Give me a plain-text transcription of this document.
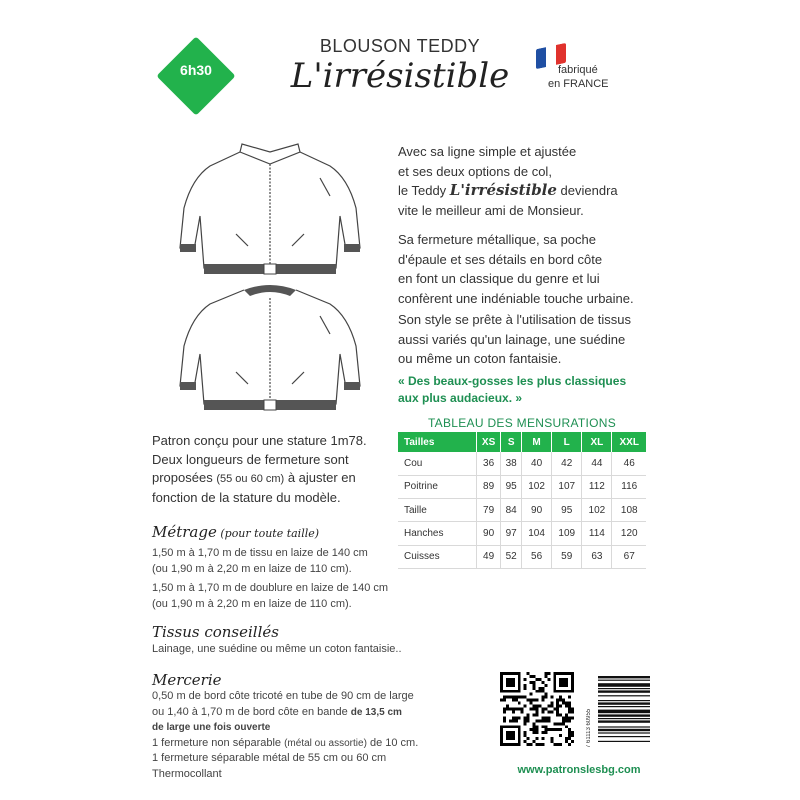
6h30
BLOUSON TEDDY
L'irrésistible	fabriqué
en FRANCE
Avec sa ligne simple et ajustée
et ses deux options de col,
le Teddy L'irrésistible deviendra
vite le meilleur ami de Monsieur.
Sa fermeture métallique, sa poche
d'épaule et ses détails en bord côte
en font un classique du genre et lui
confèrent une indéniable touche urbaine.
Son style se prête à l'utilisation de tissus
aussi variés qu'un lainage, une suédine
ou même un coton fantaisie.
« Des beaux-gosses les plus classiques
aux plus audacieux. »
TABLEAU DES MENSURATIONS
Tailles	XS	S	M	L	XL	XXL
Cou	36	38	40	42	44	46
Poitrine	89	95	102	107	112	116
Taille	79	84	90	95	102	108
Hanches	90	97	104	109	114	120
Cuisses	49	52	56	59	63	67
Patron conçu pour une stature 1m78.
Deux longueurs de fermeture sont
proposées (55 ou 60 cm) à ajuster en
fonction de la stature du modèle.
Métrage (pour toute taille)
1,50 m à 1,70 m de tissu en laize de 140 cm
(ou 1,90 m à 2,20 m en laize de 110 cm).
1,50 m à 1,70 m de doublure en laize de 140 cm
(ou 1,90 m à 2,20 m en laize de 110 cm).
Tissus conseillés
Lainage, une suédine ou même un coton fantaisie..
Mercerie
0,50 m de bord côte tricoté en tube de 90 cm de large
ou 1,40 à 1,70 m de bord côte en bande de 13,5 cm
de large une fois ouverte
1 fermeture non séparable (métal ou assortie) de 10 cm.
1 fermeture séparable métal de 55 cm ou 60 cm
Thermocollant
7 61113 60955
www.patronslesbg.com
